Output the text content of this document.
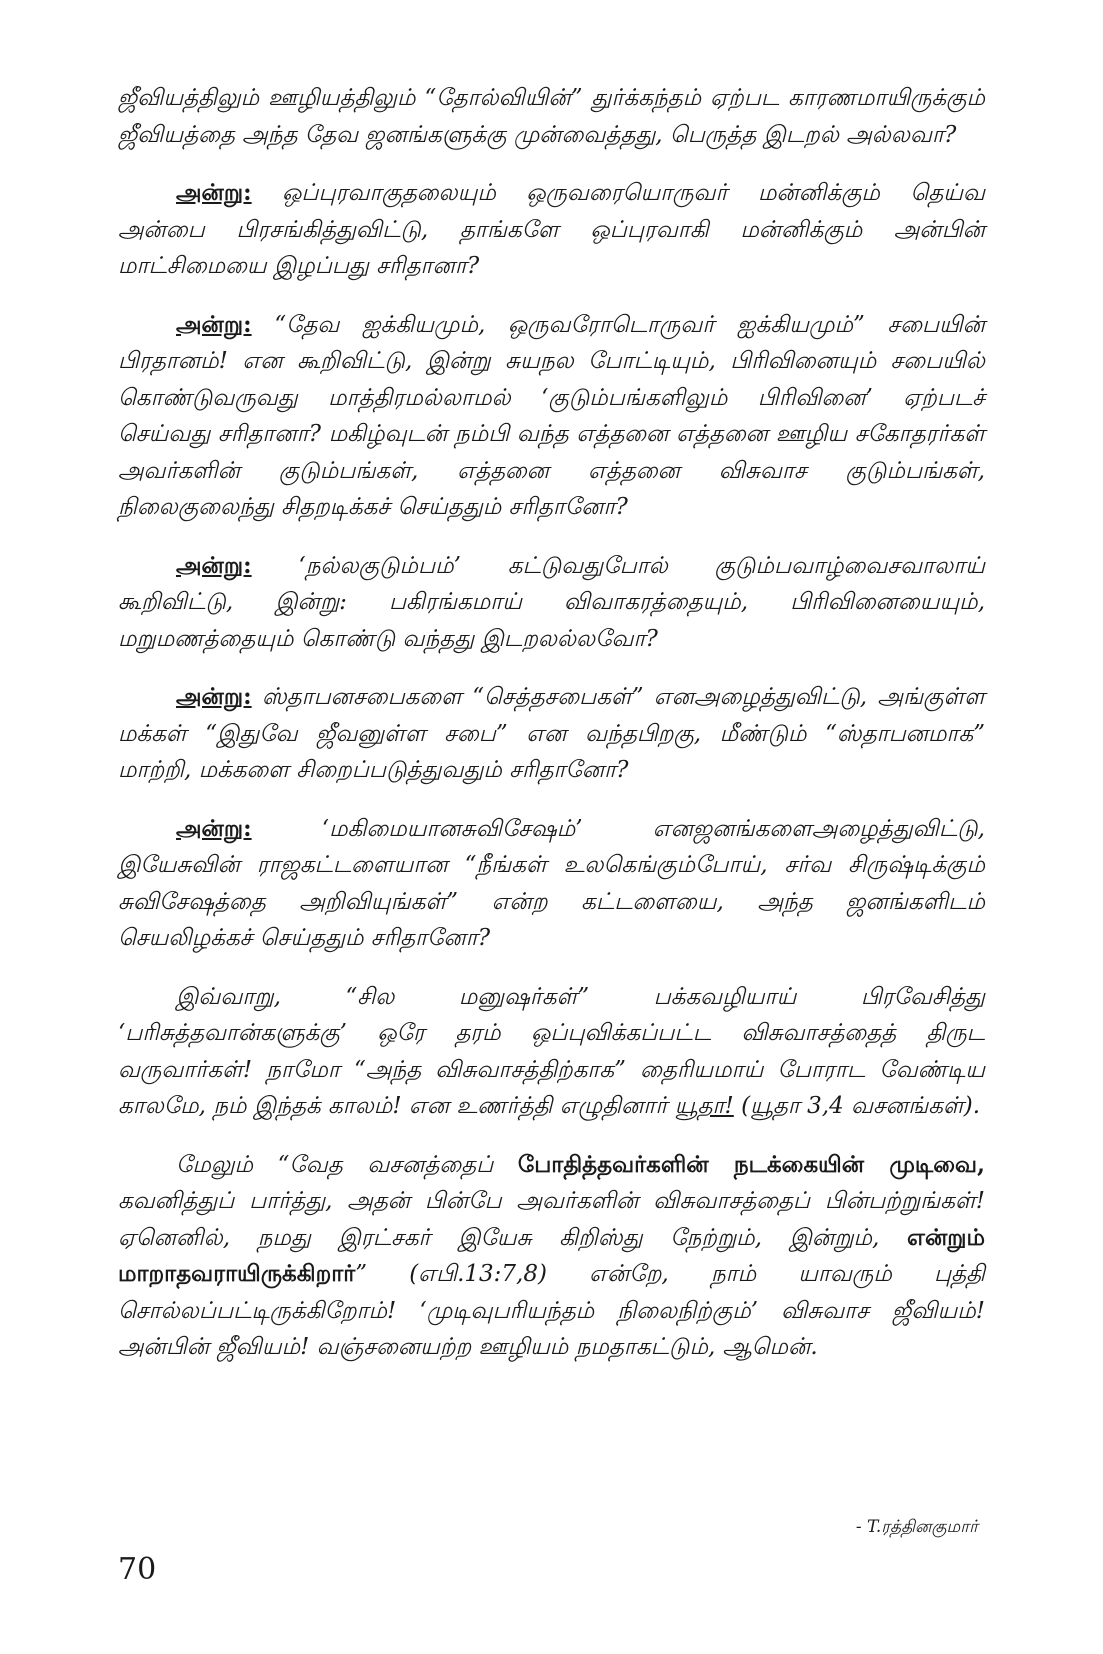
ஜீவியத்திலும் ஊழியத்திலும் “தோல்வியின்” துர்க்கந்தம் ஏற்பட காரணமாயிருக்கும் ஜீவியத்தை அந்த தேவ ஜனங்களுக்கு முன்வைத்தது, பெருத்த இடறல் அல்லவா?

அன்று: ஒப்புரவாகுதலையும் ஒருவரையொருவர் மன்னிக்கும் தெய்வ அன்பை பிரசங்கித்துவிட்டு, தாங்களே ஒப்புரவாகி மன்னிக்கும் அன்பின் மாட்சிமையை இழப்பது சரிதானா?

அன்று: “தேவ ஐக்கியமும், ஒருவரோடொருவர் ஐக்கியமும்” சபையின் பிரதானம்! என கூறிவிட்டு, இன்று சுயநல போட்டியும், பிரிவினையும் சபையில் கொண்டுவருவது மாத்திரமல்லாமல் ‘குடும்பங்களிலும் பிரிவினை’ ஏற்படச் செய்வது சரிதானா? மகிழ்வுடன் நம்பி வந்த எத்தனை எத்தனை ஊழிய சகோதரர்கள் அவர்களின் குடும்பங்கள், எத்தனை எத்தனை விசுவாச குடும்பங்கள், நிலைகுலைந்து சிதறடிக்கச் செய்ததும் சரிதானோ?

அன்று: ‘நல்லகுடும்பம்’ கட்டுவதுபோல் குடும்பவாழ்வைசவாலாய் கூறிவிட்டு, இன்று: பகிரங்கமாய் விவாகரத்தையும், பிரிவினையையும், மறுமணத்தையும் கொண்டு வந்தது இடறலல்லவோ?

அன்று: ஸ்தாபனசபைகளை “செத்தசபைகள்” எனஅழைத்துவிட்டு, அங்குள்ள மக்கள் “இதுவே ஜீவனுள்ள சபை” என வந்தபிறகு, மீண்டும் “ஸ்தாபனமாக” மாற்றி, மக்களை சிறைப்படுத்துவதும் சரிதானோ?

அன்று: ‘மகிமையானசுவிசேஷம்’ எனஜனங்களைஅழைத்துவிட்டு, இயேசுவின் ராஜகட்டளையான “நீங்கள் உலகெங்கும்போய், சர்வ சிருஷ்டிக்கும் சுவிசேஷத்தை அறிவியுங்கள்” என்ற கட்டளையை, அந்த ஜனங்களிடம் செயலிழக்கச் செய்ததும் சரிதானோ?

இவ்வாறு, “சில மனுஷர்கள்” பக்கவழியாய் பிரவேசித்து ‘பரிசுத்தவான்களுக்கு’ ஒரே தரம் ஒப்புவிக்கப்பட்ட விசுவாசத்தைத் திருட வருவார்கள்! நாமோ “அந்த விசுவாசத்திற்காக” தைரியமாய் போராட வேண்டிய காலமே, நம் இந்தக் காலம்! என உணர்த்தி எழுதினார் யூதா! (யூதா 3,4 வசனங்கள்).

மேலும் “வேத வசனத்தைப் போதித்தவர்களின் நடக்கையின் முடிவை, கவனித்துப் பார்த்து, அதன் பின்பே அவர்களின் விசுவாசத்தைப் பின்பற்றுங்கள்! ஏனெனில், நமது இரட்சகர் இயேசு கிறிஸ்து நேற்றும், இன்றும், என்றும் மாறாதவராயிருக்கிறார்” (எபி.13:7,8) என்றே, நாம் யாவரும் புத்தி சொல்லப்பட்டிருக்கிறோம்! ‘முடிவுபரியந்தம் நிலைநிற்கும்’ விசுவாச ஜீவியம்! அன்பின் ஜீவியம்! வஞ்சனையற்ற ஊழியம் நமதாகட்டும், ஆமென்.

- T.ரத்தினகுமார்
70
